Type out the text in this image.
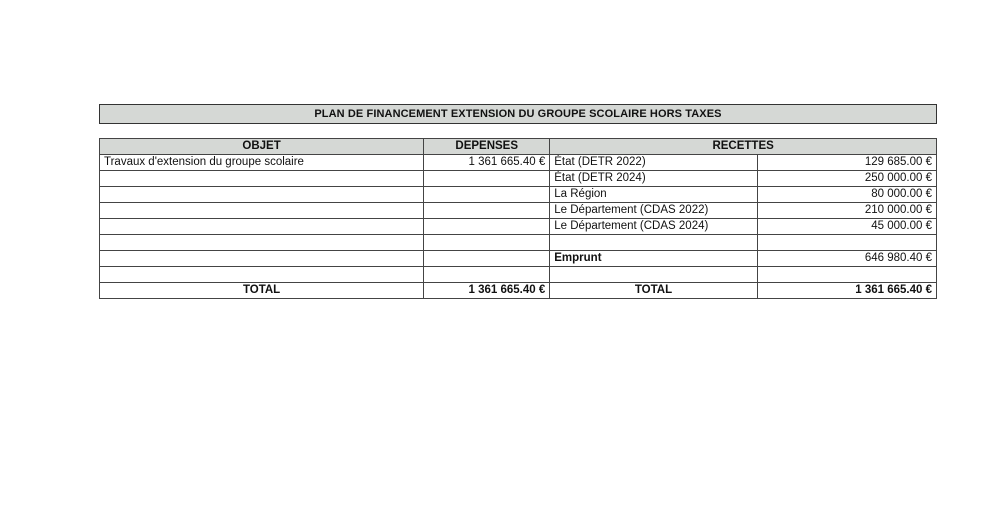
PLAN DE FINANCEMENT EXTENSION DU GROUPE SCOLAIRE HORS TAXES
OBJET	DEPENSES	RECETTES	
Travaux d'extension du groupe scolaire	1 361 665.40 €	État (DETR 2022)	129 685.00 €
		État (DETR 2024)	250 000.00 €
		La Région	80 000.00 €
		Le Département (CDAS 2022)	210 000.00 €
		Le Département (CDAS 2024)	45 000.00 €

		Emprunt	646 980.40 €

TOTAL	1 361 665.40 €	TOTAL	1 361 665.40 €
